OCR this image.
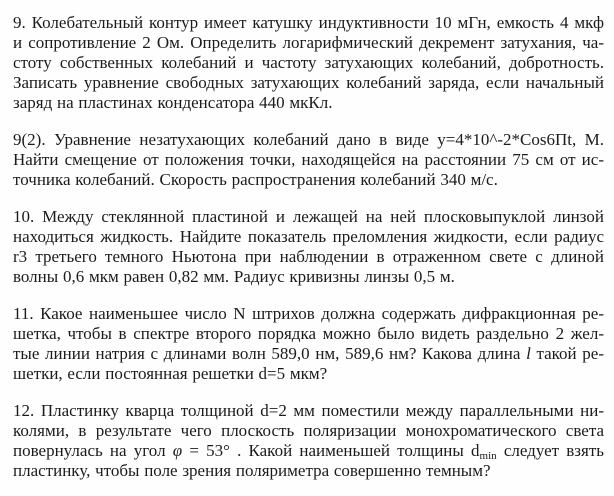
9. Колебательный контур имеет катушку индуктивности 10 мГн, емкость 4 мкф
и сопротивление 2 Ом. Определить логарифмический декремент затухания, ча-
стоту собственных колебаний и частоту затухающих колебаний, добротность.
Записать уравнение свободных затухающих колебаний заряда, если начальный
заряд на пластинах конденсатора 440 мкКл.
9(2). Уравнение незатухающих колебаний дано в виде y=4*10^-2*Cos6Пt, М.
Найти смещение от положения точки, находящейся на расстоянии 75 см от ис-
точника колебаний. Скорость распространения колебаний 340 м/с.
10. Между стеклянной пластиной и лежащей на ней плосковыпуклой линзой
находиться жидкость. Найдите показатель преломления жидкости, если радиус
r3 третьего темного Ньютона при наблюдении в отраженном свете с длиной
волны 0,6 мкм равен 0,82 мм. Радиус кривизны линзы 0,5 м.
11. Какое наименьшее число N штрихов должна содержать дифракционная ре-
шетка, чтобы в спектре второго порядка можно было видеть раздельно 2 жел-
тые линии натрия с длинами волн 589,0 нм, 589,6 нм? Какова длина l такой ре-
шетки, если постоянная решетки d=5 мкм?
12. Пластинку кварца толщиной d=2 мм поместили между параллельными ни-
колями, в результате чего плоскость поляризации монохроматического света
повернулась на угол φ = 53° . Какой наименьшей толщины $d_{min}$ следует взять
пластинку, чтобы поле зрения поляриметра совершенно темным?
